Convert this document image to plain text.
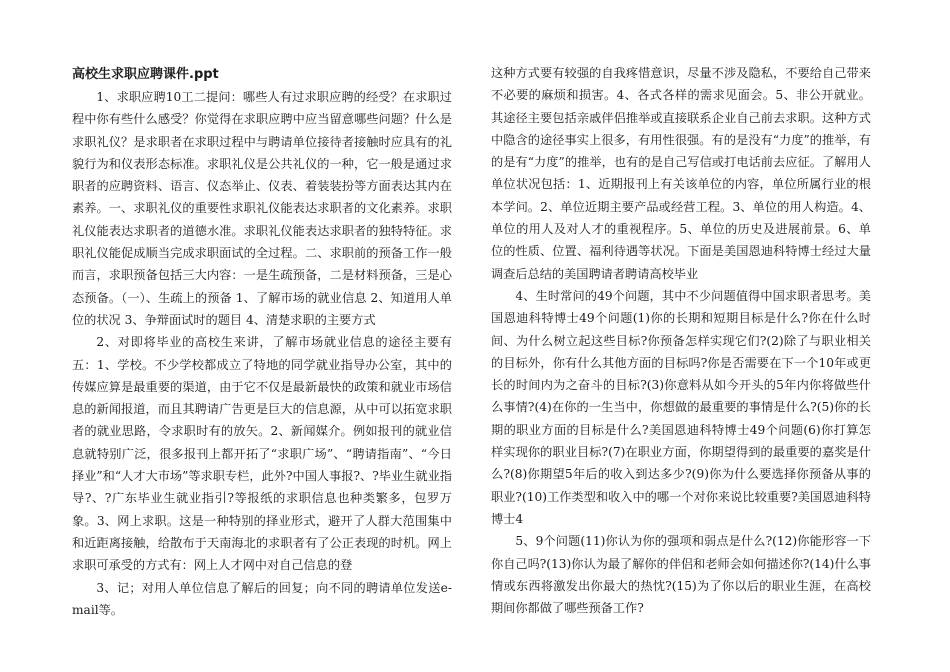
高校生求职应聘课件.ppt

1、求职应聘10工二提问：哪些人有过求职应聘的经受？在求职过程中你有些什么感受？你觉得在求职应聘中应当留意哪些问题？什么是求职礼仪？是求职者在求职过程中与聘请单位接待者接触时应具有的礼貌行为和仪表形态标准。求职礼仪是公共礼仪的一种，它一般是通过求职者的应聘资料、语言、仪态举止、仪表、着装装扮等方面表达其内在素养。一、求职礼仪的重要性求职礼仪能表达求职者的文化素养。求职礼仪能表达求职者的道德水准。求职礼仪能表达求职者的独特特征。求职礼仪能促成顺当完成求职面试的全过程。二、求职前的预备工作一般而言，求职预备包括三大内容：一是生疏预备，二是材料预备，三是心态预备。（一）、生疏上的预备 1、了解市场的就业信息 2、知道用人单位的状况 3、争辩面试时的题目 4、清楚求职的主要方式

2、对即将毕业的高校生来讲，了解市场就业信息的途径主要有五：1、学校。不少学校都成立了特地的同学就业指导办公室，其中的传媒应算是最重要的渠道，由于它不仅是最新最快的政策和就业市场信息的新闻报道，而且其聘请广告更是巨大的信息源，从中可以拓宽求职者的就业思路，令求职时有的放矢。2、新闻媒介。例如报刊的就业信息就特别广泛，很多报刊上都开拓了“求职广场”、“聘请指南”、“今日择业”和“人才大市场”等求职专栏，此外?中国人事报?、?毕业生就业指导?、?广东毕业生就业指引?等报纸的求职信息也种类繁多，包罗万象。3、网上求职。这是一种特别的择业形式，避开了人群大范围集中和近距离接触，给散布于天南海北的求职者有了公正表现的时机。网上求职可承受的方式有：网上人才网中对自己信息的登

3、记；对用人单位信息了解后的回复；向不同的聘请单位发送e-mail等。

这种方式要有较强的自我疼惜意识，尽量不涉及隐私，不要给自己带来不必要的麻烦和损害。4、各式各样的需求见面会。5、非公开就业。其途径主要包括亲戚伴侣推举或直接联系企业自己前去求职。这种方式中隐含的途径事实上很多，有用性很强。有的是没有“力度”的推举，有的是有“力度”的推举，也有的是自己写信或打电话前去应征。了解用人单位状况包括：1、近期报刊上有关该单位的内容，单位所属行业的根本学问。2、单位近期主要产品或经营工程。3、单位的用人构造。4、单位的用人及对人才的重视程序。5、单位的历史及进展前景。6、单位的性质、位置、福利待遇等状况。下面是美国恩迪科特博士经过大量调查后总结的美国聘请者聘请高校毕业

4、生时常问的49个问题，其中不少问题值得中国求职者思考。美国恩迪科特博士49个问题(1)你的长期和短期目标是什么?你在什么时间、为什么树立起这些目标?你预备怎样实现它们?(2)除了与职业相关的目标外，你有什么其他方面的目标吗?你是否需要在下一个10年或更长的时间内为之奋斗的目标?(3)你意料从如今开头的5年内你将做些什么事情?(4)在你的一生当中，你想做的最重要的事情是什么?(5)你的长期的职业方面的目标是什么?美国恩迪科特博士49个问题(6)你打算怎样实现你的职业目标?(7)在职业方面，你期望得到的最重要的嘉奖是什么?(8)你期望5年后的收入到达多少?(9)你为什么要选择你预备从事的职业?(10)工作类型和收入中的哪一个对你来说比较重要?美国恩迪科特博士4

5、9个问题(11)你认为你的强项和弱点是什么?(12)你能形容一下你自己吗?(13)你认为最了解你的伴侣和老师会如何描述你?(14)什么事情或东西将激发出你最大的热忱?(15)为了你以后的职业生涯，在高校期间你都做了哪些预备工作?
